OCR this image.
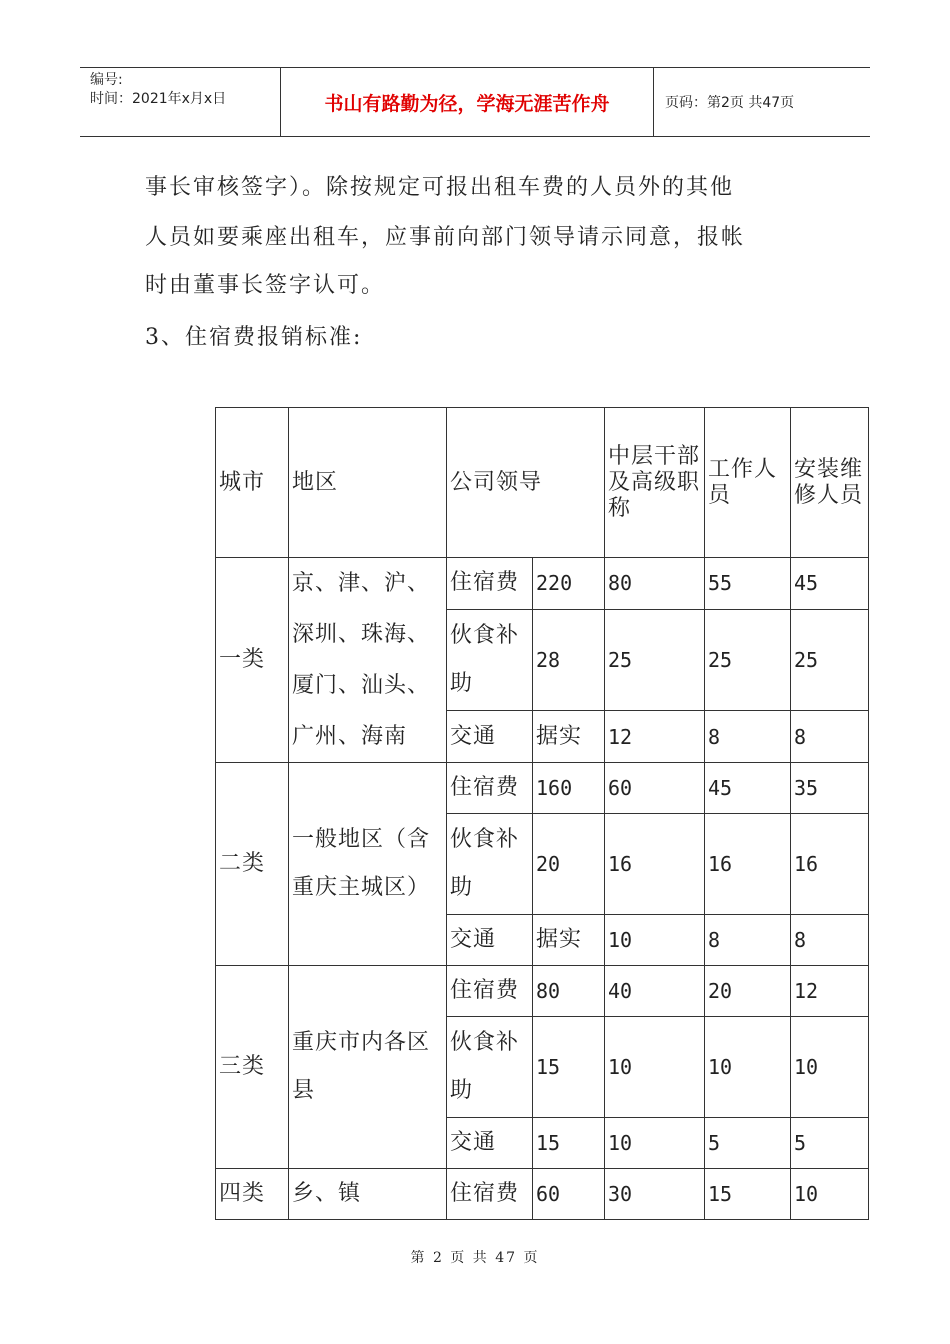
编号:
时间：2021年x月x日	书山有路勤为径，学海无涯苦作舟	页码：第2页 共47页
事长审核签字）。除按规定可报出租车费的人员外的其他
人员如要乘座出租车，应事前向部门领导请示同意，报帐
时由董事长签字认可。
3、住宿费报销标准:
城市	地区	公司领导		中层干部及高级职称	工作人员	安装维修人员
一类	京、津、沪、深圳、珠海、厦门、汕头、广州、海南	住宿费	220	80	55	45
		伙食补助	28	25	25	25
		交通	据实	12	8	8
二类	一般地区（含重庆主城区）	住宿费	160	60	45	35
		伙食补助	20	16	16	16
		交通	据实	10	8	8
三类	重庆市内各区县	住宿费	80	40	20	12
		伙食补助	15	10	10	10
		交通	15	10	5	5
四类	乡、镇	住宿费	60	30	15	10
第 2 页 共 47 页
